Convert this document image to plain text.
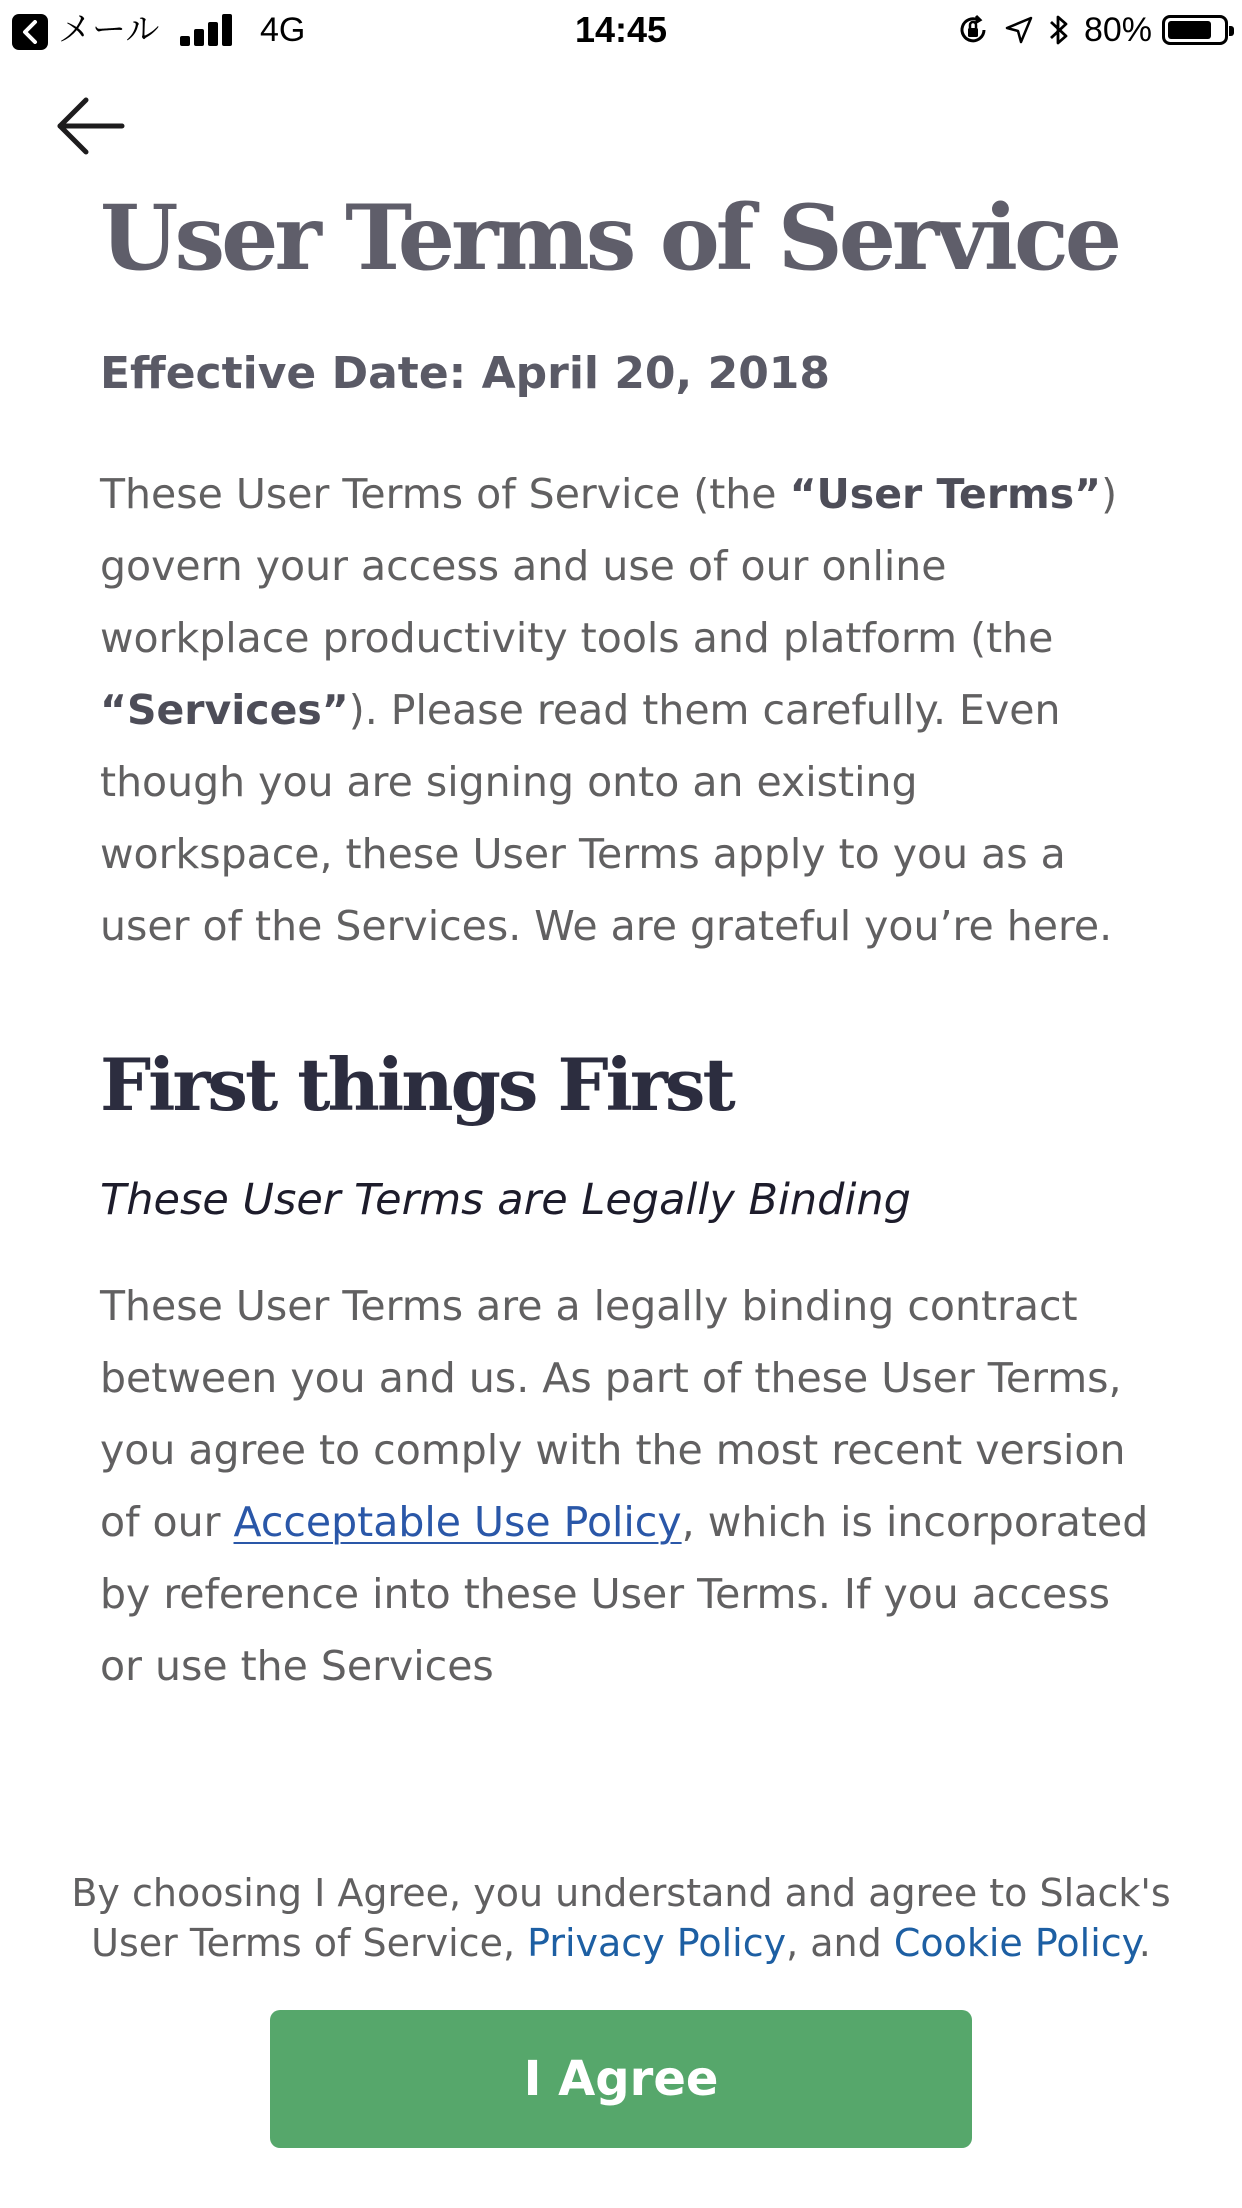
メール	4G	14:45	80%
User Terms of Service

Effective Date: April 20, 2018

These User Terms of Service (the “User Terms”) govern your access and use of our online workplace productivity tools and platform (the “Services”). Please read them carefully. Even though you are signing onto an existing workspace, these User Terms apply to you as a user of the Services. We are grateful you’re here.

First things First

These User Terms are Legally Binding

These User Terms are a legally binding contract between you and us. As part of these User Terms, you agree to comply with the most recent version of our Acceptable Use Policy, which is incorporated by reference into these User Terms. If you access or use the Services

By choosing I Agree, you understand and agree to Slack's User Terms of Service, Privacy Policy, and Cookie Policy.

I Agree
